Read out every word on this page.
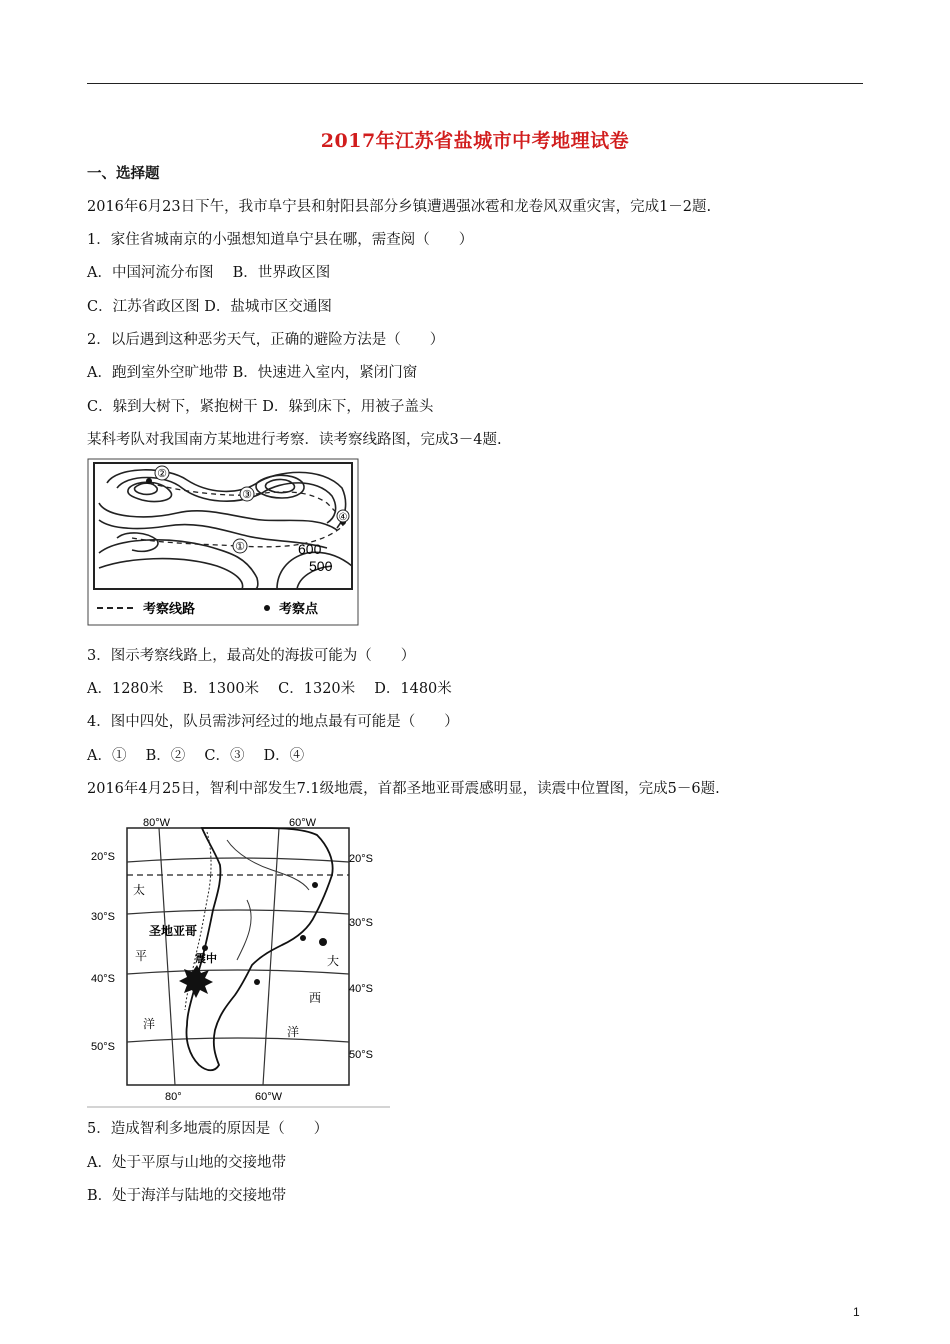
2017年江苏省盐城市中考地理试卷
一、选择题
2016年6月23日下午，我市阜宁县和射阳县部分乡镇遭遇强冰雹和龙卷风双重灾害，完成1－2题.
1．家住省城南京的小强想知道阜宁县在哪，需查阅（　　）
A．中国河流分布图　 B．世界政区图
C．江苏省政区图 D．盐城市区交通图
2．以后遇到这种恶劣天气，正确的避险方法是（　　）
A．跑到室外空旷地带 B．快速进入室内，紧闭门窗
C．躲到大树下，紧抱树干 D．躲到床下，用被子盖头
某科考队对我国南方某地进行考察．读考察线路图，完成3－4题.
②
③
①
④
600
500
考察线路	考察点
3．图示考察线路上，最高处的海拔可能为（　　）
A．1280米　 B．1300米　 C．1320米　 D．1480米
4．图中四处，队员需涉河经过的地点最有可能是（　　）
A．①　 B．②　 C．③　 D．④
2016年4月25日，智利中部发生7.1级地震，首都圣地亚哥震感明显，读震中位置图，完成5－6题.
80°W	60°W
80°	60°W
20°S
30°S
40°S
50°S
20°S
30°S
40°S
50°S
圣地亚哥
震中
太
平
洋
大
西
洋
5．造成智利多地震的原因是（　　）
A．处于平原与山地的交接地带
B．处于海洋与陆地的交接地带
1
